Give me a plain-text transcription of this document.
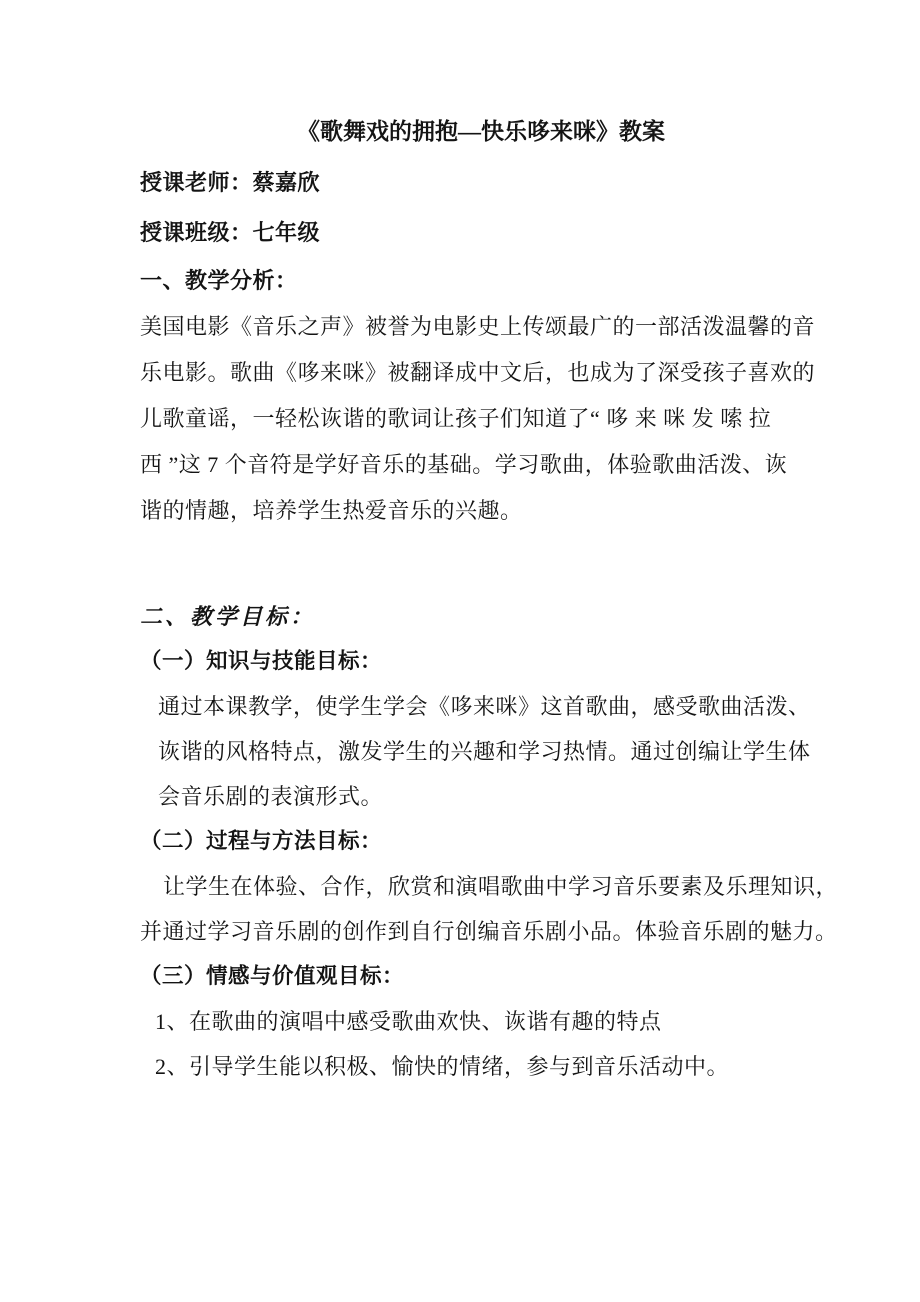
《歌舞戏的拥抱—快乐哆来咪》教案
授课老师：蔡嘉欣
授课班级：七年级
一、教学分析：
美国电影《音乐之声》被誉为电影史上传颂最广的一部活泼温馨的音
乐电影。歌曲《哆来咪》被翻译成中文后，也成为了深受孩子喜欢的
儿歌童谣，一轻松诙谐的歌词让孩子们知道了“ 哆 来 咪 发 嗦 拉
西 ”这 7 个音符是学好音乐的基础。学习歌曲，体验歌曲活泼、诙
谐的情趣，培养学生热爱音乐的兴趣。
二、教学目标：
（一）知识与技能目标：
通过本课教学，使学生学会《哆来咪》这首歌曲，感受歌曲活泼、
诙谐的风格特点，激发学生的兴趣和学习热情。通过创编让学生体
会音乐剧的表演形式。
（二）过程与方法目标：
让学生在体验、合作，欣赏和演唱歌曲中学习音乐要素及乐理知识，
并通过学习音乐剧的创作到自行创编音乐剧小品。体验音乐剧的魅力。
（三）情感与价值观目标：
1、在歌曲的演唱中感受歌曲欢快、诙谐有趣的特点
2、引导学生能以积极、愉快的情绪，参与到音乐活动中。
